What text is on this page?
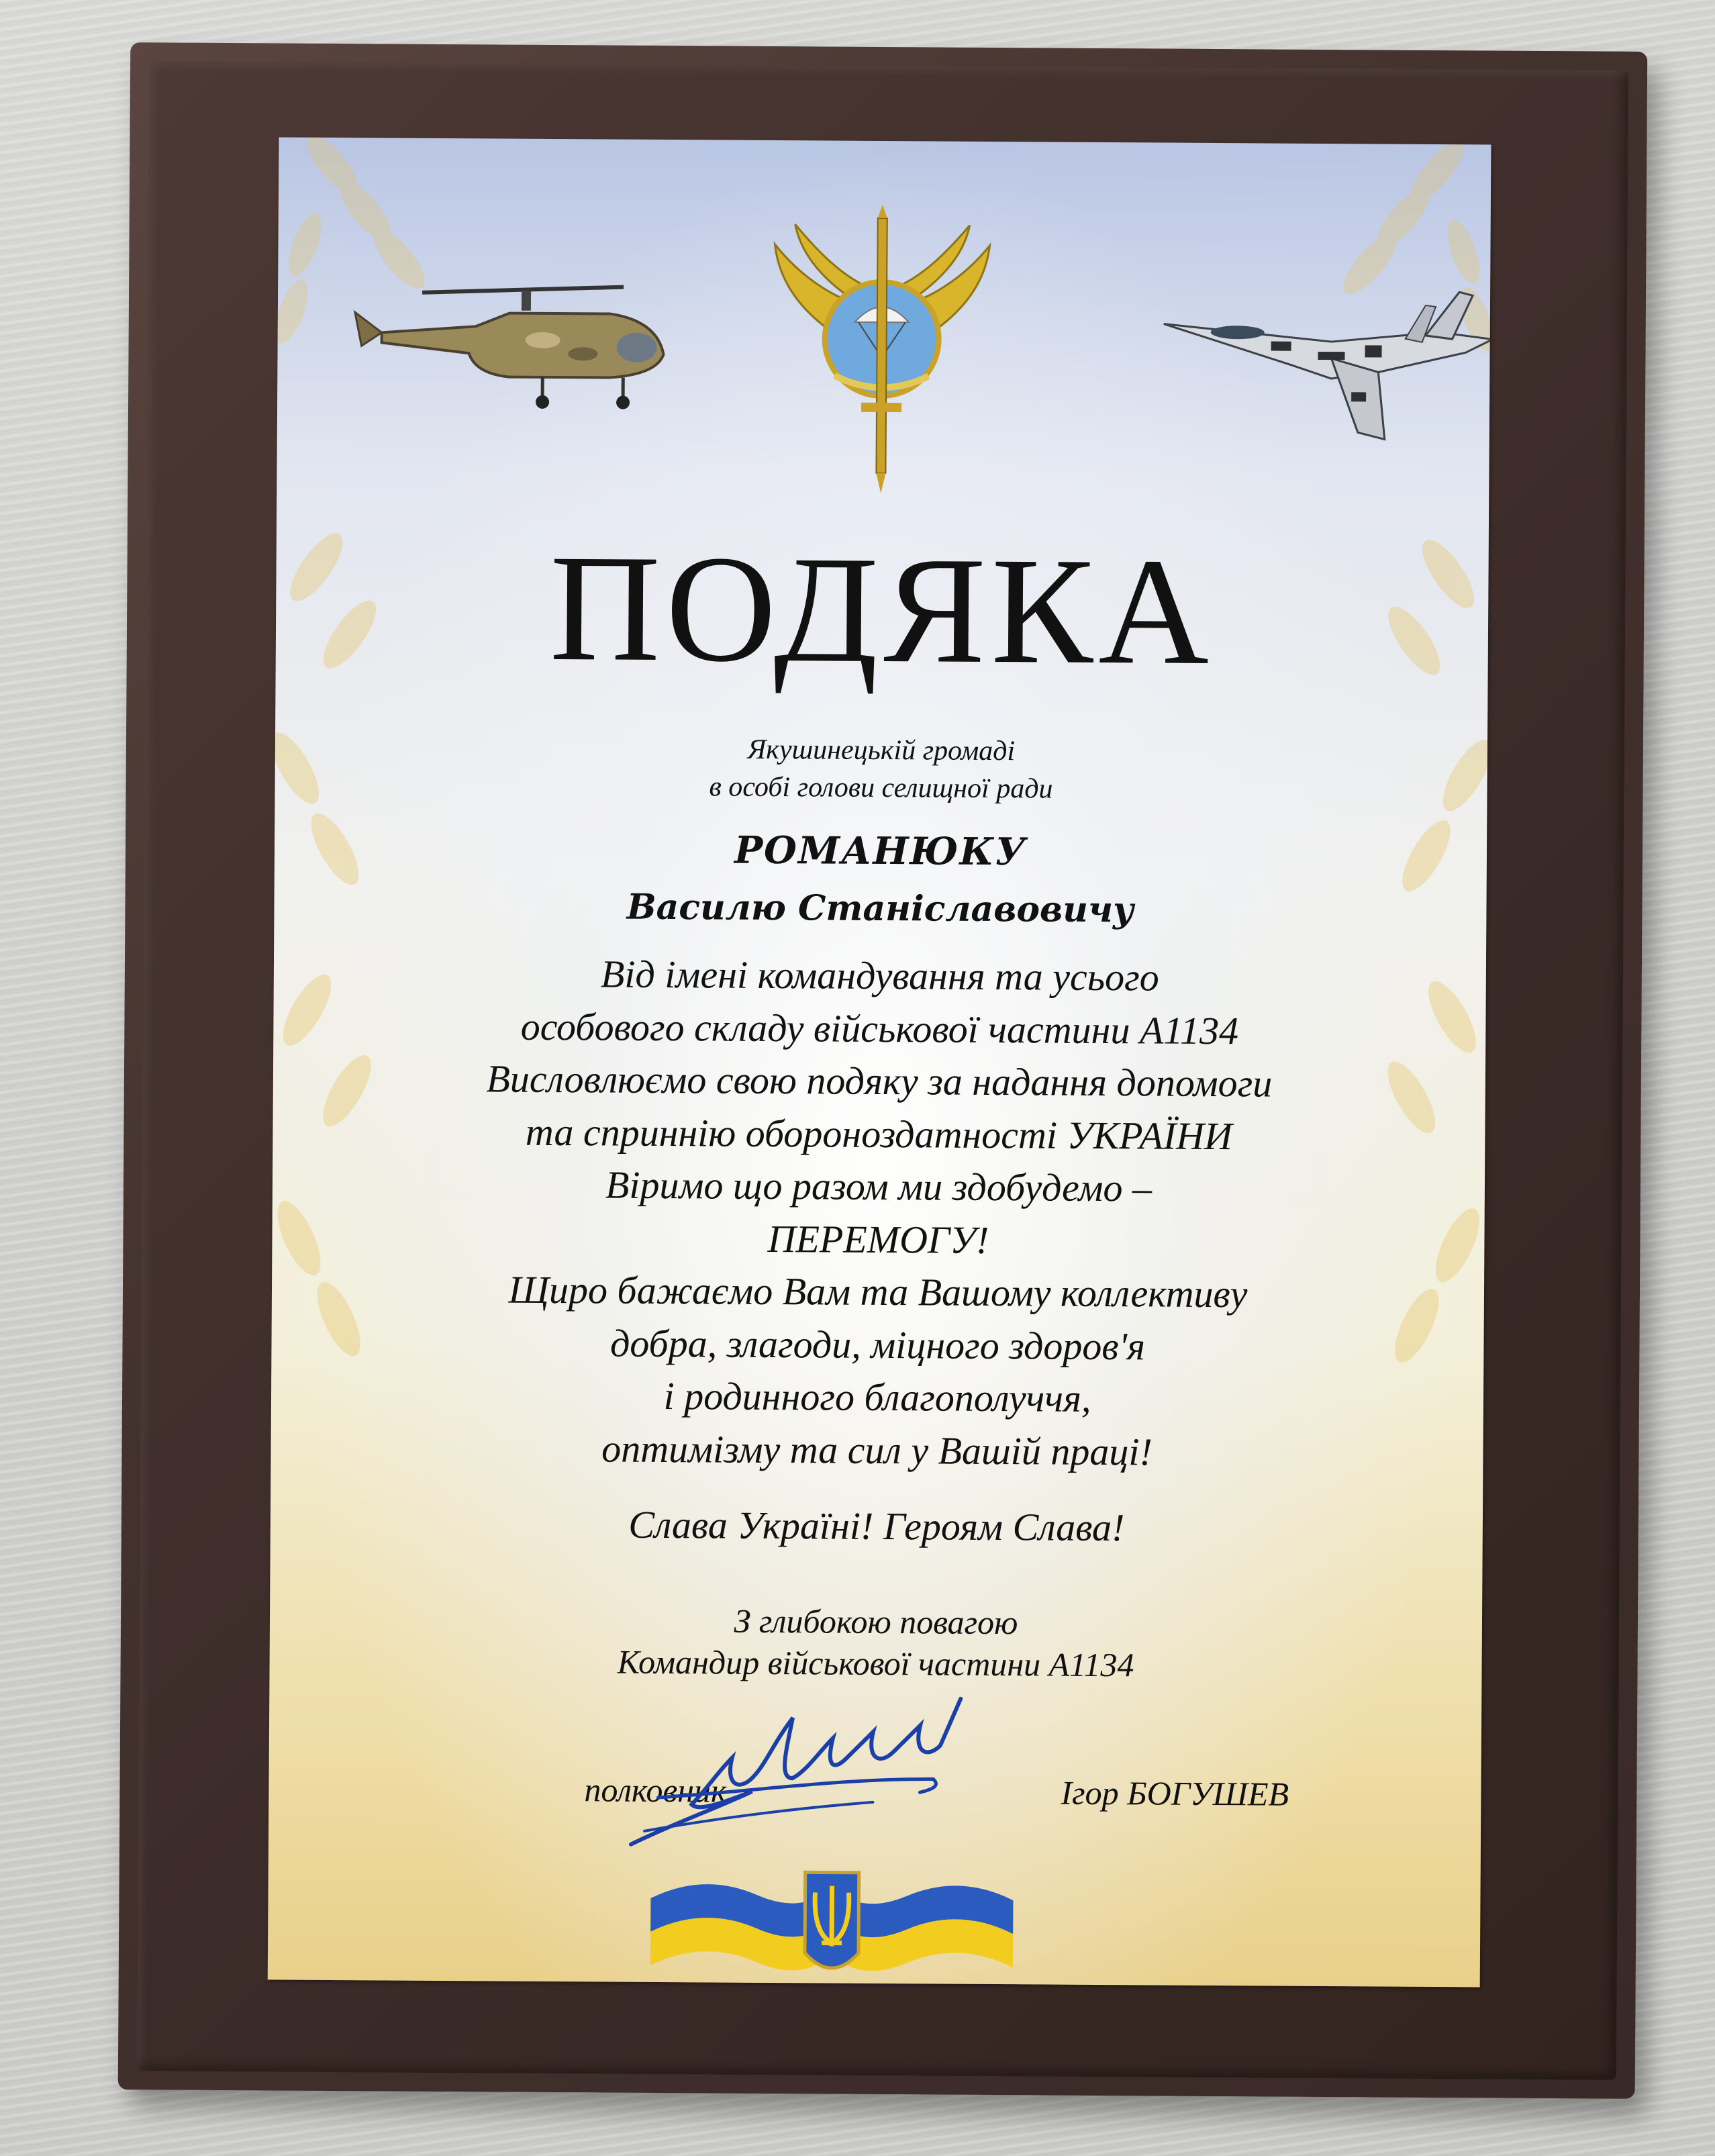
ПОДЯКА
Якушинецькій громаді
в особі голови селищної ради
РОМАНЮКУ
Василю Станіславовичу
Від імені командування та усього
особового складу військової частини А1134
Висловлюємо свою подяку за надання допомоги
та сприннію обороноздатності УКРАЇНИ
Віримо що разом ми здобудемо –
ПЕРЕМОГУ!
Щиро бажаємо Вам та Вашому коллективу
добра, злагоди, міцного здоров'я
і родинного благополуччя,
оптимізму та сил у Вашій праці!
Слава Україні! Героям Слава!
З глибокою повагою
Командир військової частини А1134
полковник	Ігор БОГУШЕВ
